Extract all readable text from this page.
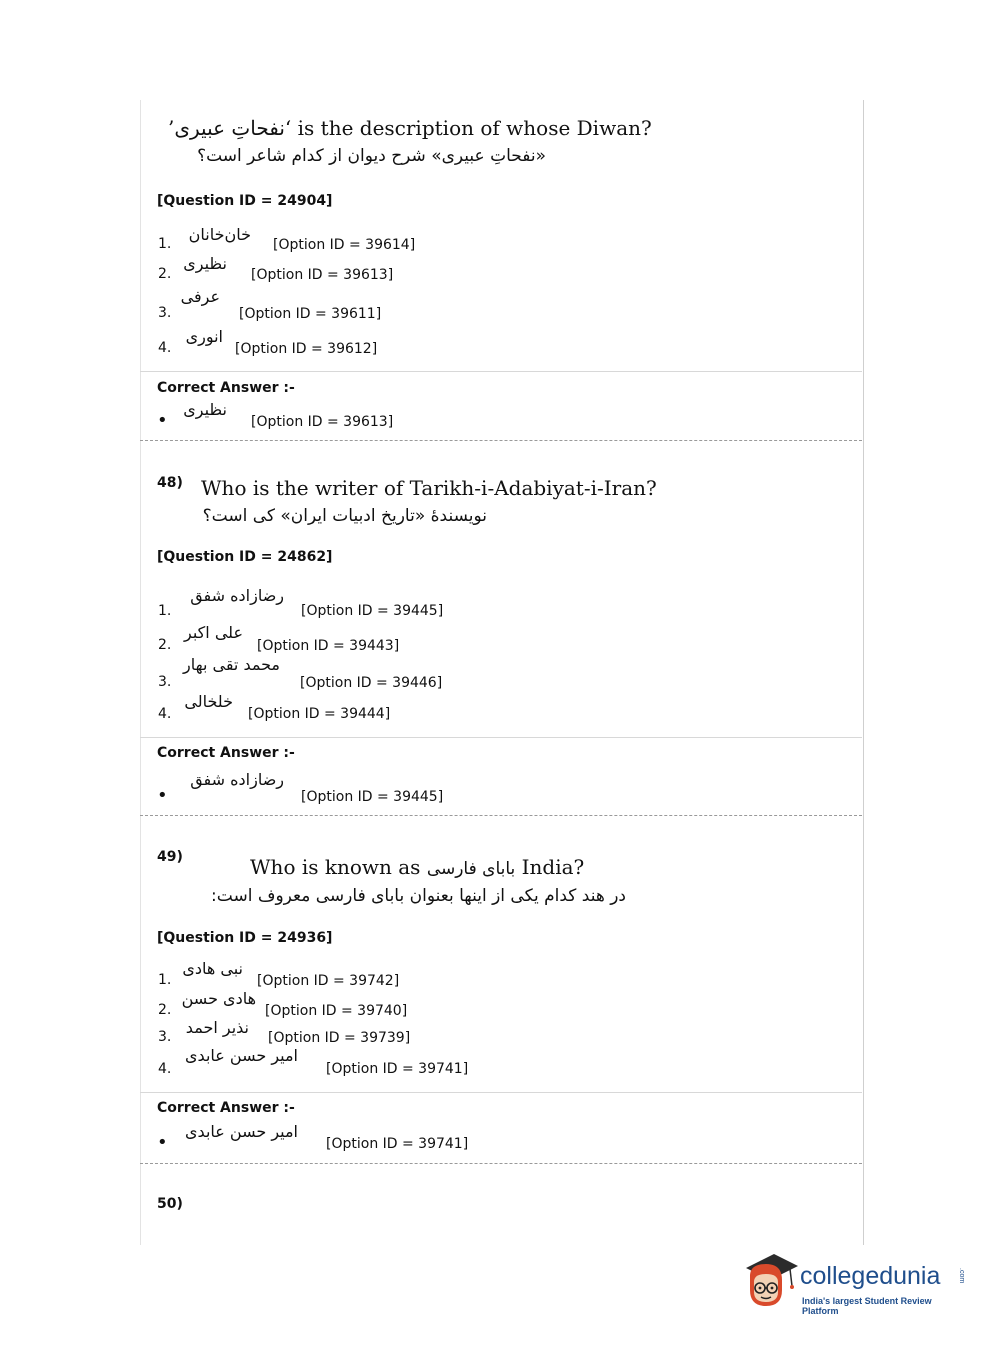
‘نفحاتِ عبیری’ is the description of whose Diwan?
«نفحاتِ عبیری» شرح دیوان از کدام شاعر است؟
[Question ID = 24904]
1. خان‌خانان
[Option ID = 39614]
2.
نظیری
[Option ID = 39613]
3.
عرفی
[Option ID = 39611]
4.
انوری
[Option ID = 39612]
Correct Answer :-
•
نظیری
[Option ID = 39613]
48) Who is the writer of Tarikh-i-Adabiyat-i-Iran?
نویسندهٔ «تاریخ ادبیات ایران» کی است؟
[Question ID = 24862]
1.
رضازاده شفق
[Option ID = 39445]
2.
علی اکبر
[Option ID = 39443]
3.
محمد تقی بهار
[Option ID = 39446]
4.
خلخالی
[Option ID = 39444]
Correct Answer :-
•
رضازاده شفق
[Option ID = 39445]
49)	Who is known as بابای فارسی India?
در هند کدام یکی از اینها بعنوان بابای فارسی معروف است:
[Question ID = 24936]
1.
نبی هادی
[Option ID = 39742]
2.
هادی حسن
[Option ID = 39740]
3. نذیر احمد
[Option ID = 39739]
4.
امیر حسن عابدی
[Option ID = 39741]
Correct Answer :-
•
امیر حسن عابدی
[Option ID = 39741]
50)
collegedunia	.com
India's largest Student Review Platform
